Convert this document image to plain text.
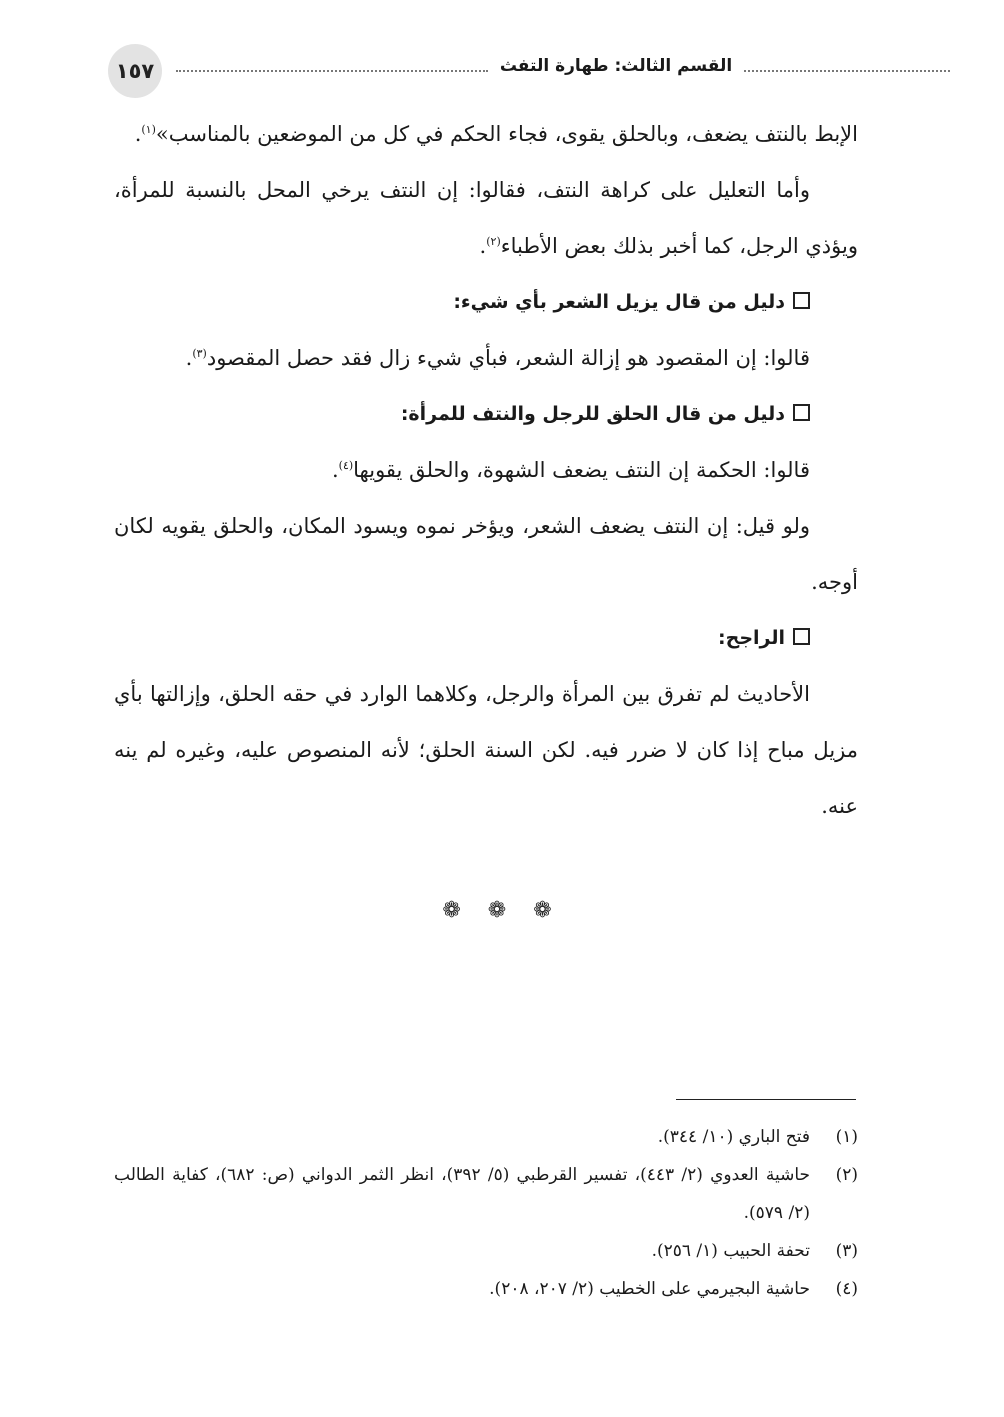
١٥٧	القسم الثالث: طهارة التفث

الإبط بالنتف يضعف، وبالحلق يقوى، فجاء الحكم في كل من الموضعين بالمناسب»$^{(١)}$.

وأما التعليل على كراهة النتف، فقالوا: إن النتف يرخي المحل بالنسبة للمرأة، ويؤذي الرجل، كما أخبر بذلك بعض الأطباء$^{(٢)}$.

دليل من قال يزيل الشعر بأي شيء:

قالوا: إن المقصود هو إزالة الشعر، فبأي شيء زال فقد حصل المقصود$^{(٣)}$.

دليل من قال الحلق للرجل والنتف للمرأة:

قالوا: الحكمة إن النتف يضعف الشهوة، والحلق يقويها$^{(٤)}$.

ولو قيل: إن النتف يضعف الشعر، ويؤخر نموه ويسود المكان، والحلق يقويه لكان أوجه.

الراجح:

الأحاديث لم تفرق بين المرأة والرجل، وكلاهما الوارد في حقه الحلق، وإزالتها بأي مزيل مباح إذا كان لا ضرر فيه. لكن السنة الحلق؛ لأنه المنصوص عليه، وغيره لم ينه عنه.

❁ ❁ ❁
(١)
فتح الباري (١٠/ ٣٤٤).
(٢)
حاشية العدوي (٢/ ٤٤٣)، تفسير القرطبي (٥/ ٣٩٢)، انظر الثمر الدواني (ص: ٦٨٢)، كفاية الطالب (٢/ ٥٧٩).
(٣)
تحفة الحبيب (١/ ٢٥٦).
(٤)
حاشية البجيرمي على الخطيب (٢/ ٢٠٧، ٢٠٨).
